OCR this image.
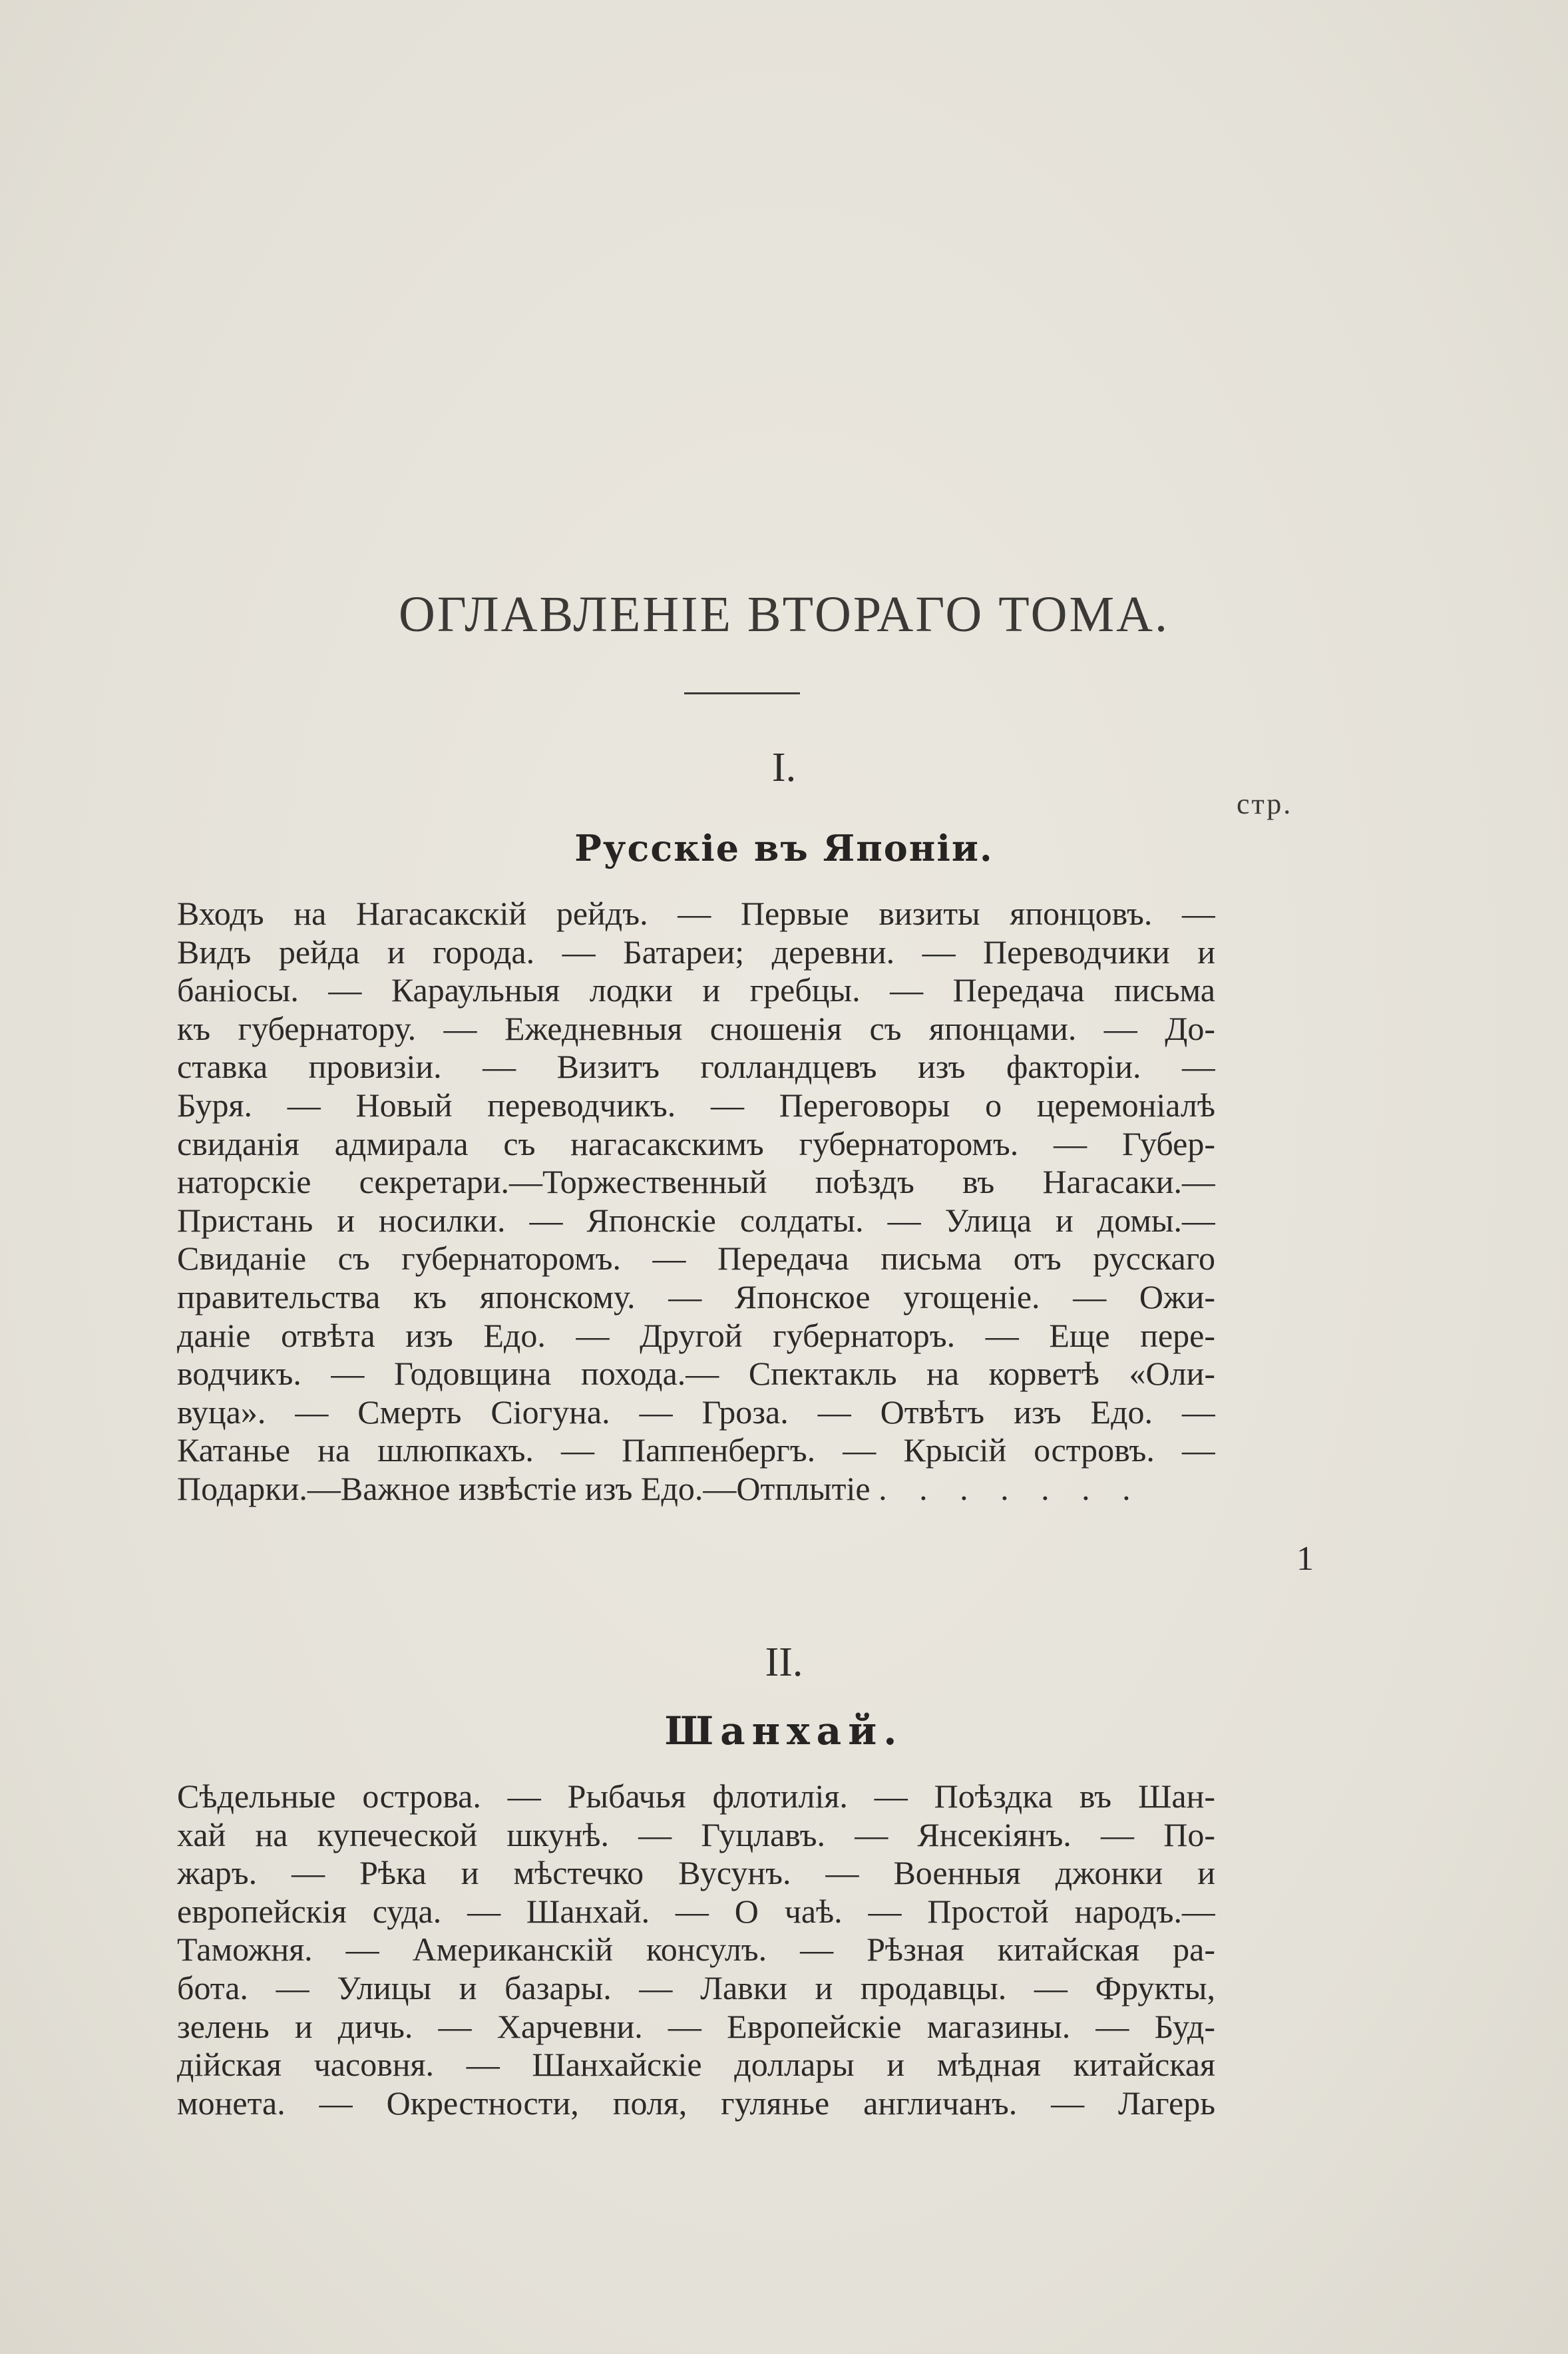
ОГЛАВЛЕНІЕ ВТОРАГО ТОМА.
I.
стр.
Русскіе въ Японіи.
Входъ на Нагасакскій рейдъ. — Первые визиты японцовъ. —
Видъ рейда и города. — Батареи; деревни. — Переводчики и
баніосы. — Караульныя лодки и гребцы. — Передача письма
къ губернатору. — Ежедневныя сношенія съ японцами. — До-
ставка провизіи. — Визитъ голландцевъ изъ факторіи. —
Буря. — Новый переводчикъ. — Переговоры о церемоніалѣ
свиданія адмирала съ нагасакскимъ губернаторомъ. — Губер-
наторскіе секретари.—Торжественный поѣздъ въ Нагасаки.—
Пристань и носилки. — Японскіе солдаты. — Улица и домы.—
Свиданіе съ губернаторомъ. — Передача письма отъ русскаго
правительства къ японскому. — Японское угощеніе. — Ожи-
даніе отвѣта изъ Едо. — Другой губернаторъ. — Еще пере-
водчикъ. — Годовщина похода.— Спектакль на корветѣ «Оли-
вуца». — Смерть Сіогуна. — Гроза. — Отвѣтъ изъ Едо. —
Катанье на шлюпкахъ. — Паппенбергъ. — Крысій островъ. —
Подарки.—Важное извѣстіе изъ Едо.—Отплытіе . . . . . . .
1
II.
Шанхай.
Сѣдельные острова. — Рыбачья флотилія. — Поѣздка въ Шан-
хай на купеческой шкунѣ. — Гуцлавъ. — Янсекіянъ. — По-
жаръ. — Рѣка и мѣстечко Вусунъ. — Военныя джонки и
европейскія суда. — Шанхай. — О чаѣ. — Простой народъ.—
Таможня. — Американскій консулъ. — Рѣзная китайская ра-
бота. — Улицы и базары. — Лавки и продавцы. — Фрукты,
зелень и дичь. — Харчевни. — Европейскіе магазины. — Буд-
дійская часовня. — Шанхайскіе доллары и мѣдная китайская
монета. — Окрестности, поля, гулянье англичанъ. — Лагерь
